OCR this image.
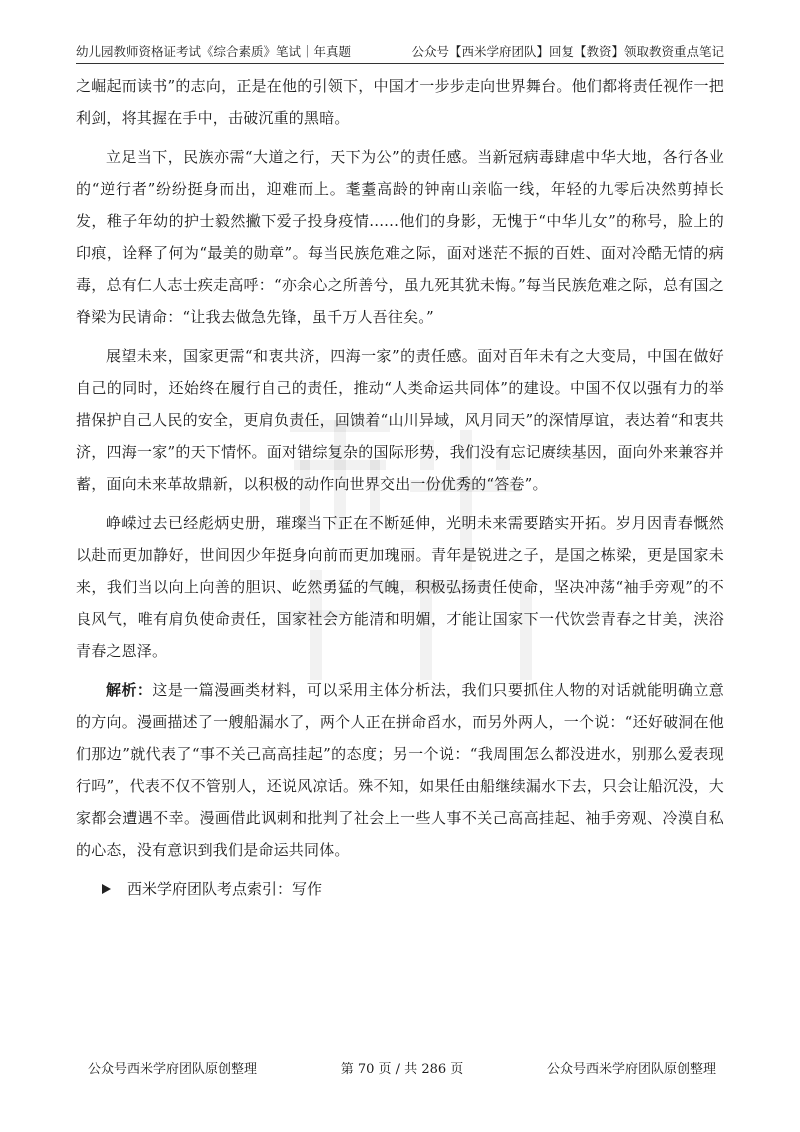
幼儿园教师资格证考试《综合素质》笔试｜年真题	公众号【西米学府团队】回复【教资】领取教资重点笔记

之崛起而读书”的志向，正是在他的引领下，中国才一步步走向世界舞台。他们都将责任视作一把利剑，将其握在手中，击破沉重的黑暗。

立足当下，民族亦需“大道之行，天下为公”的责任感。当新冠病毒肆虐中华大地，各行各业的“逆行者”纷纷挺身而出，迎难而上。耄耋高龄的钟南山亲临一线，年轻的九零后决然剪掉长发，稚子年幼的护士毅然撇下爱子投身疫情......他们的身影，无愧于“中华儿女”的称号，脸上的印痕，诠释了何为“最美的勋章”。每当民族危难之际，面对迷茫不振的百姓、面对冷酷无情的病毒，总有仁人志士疾走高呼：“亦余心之所善兮，虽九死其犹未悔。”每当民族危难之际，总有国之脊梁为民请命：“让我去做急先锋，虽千万人吾往矣。”

展望未来，国家更需“和衷共济，四海一家”的责任感。面对百年未有之大变局，中国在做好自己的同时，还始终在履行自己的责任，推动“人类命运共同体”的建设。中国不仅以强有力的举措保护自己人民的安全，更肩负责任，回馈着“山川异域，风月同天”的深情厚谊，表达着“和衷共济，四海一家”的天下情怀。面对错综复杂的国际形势，我们没有忘记赓续基因，面向外来兼容并蓄，面向未来革故鼎新，以积极的动作向世界交出一份优秀的“答卷”。

峥嵘过去已经彪炳史册，璀璨当下正在不断延伸，光明未来需要踏实开拓。岁月因青春慨然以赴而更加静好，世间因少年挺身向前而更加瑰丽。青年是锐进之子，是国之栋梁，更是国家未来，我们当以向上向善的胆识、屹然勇猛的气魄，积极弘扬责任使命，坚决冲荡“袖手旁观”的不良风气，唯有肩负使命责任，国家社会方能清和明媚，才能让国家下一代饮尝青春之甘美，浃浴青春之恩泽。

解析：这是一篇漫画类材料，可以采用主体分析法，我们只要抓住人物的对话就能明确立意的方向。漫画描述了一艘船漏水了，两个人正在拼命舀水，而另外两人，一个说：“还好破洞在他们那边”就代表了“事不关己高高挂起”的态度；另一个说：“我周围怎么都没进水，别那么爱表现行吗”，代表不仅不管别人，还说风凉话。殊不知，如果任由船继续漏水下去，只会让船沉没，大家都会遭遇不幸。漫画借此讽刺和批判了社会上一些人事不关己高高挂起、袖手旁观、冷漠自私的心态，没有意识到我们是命运共同体。

西米学府团队考点索引：写作
公众号西米学府团队原创整理	第 70 页 / 共 286 页	公众号西米学府团队原创整理
